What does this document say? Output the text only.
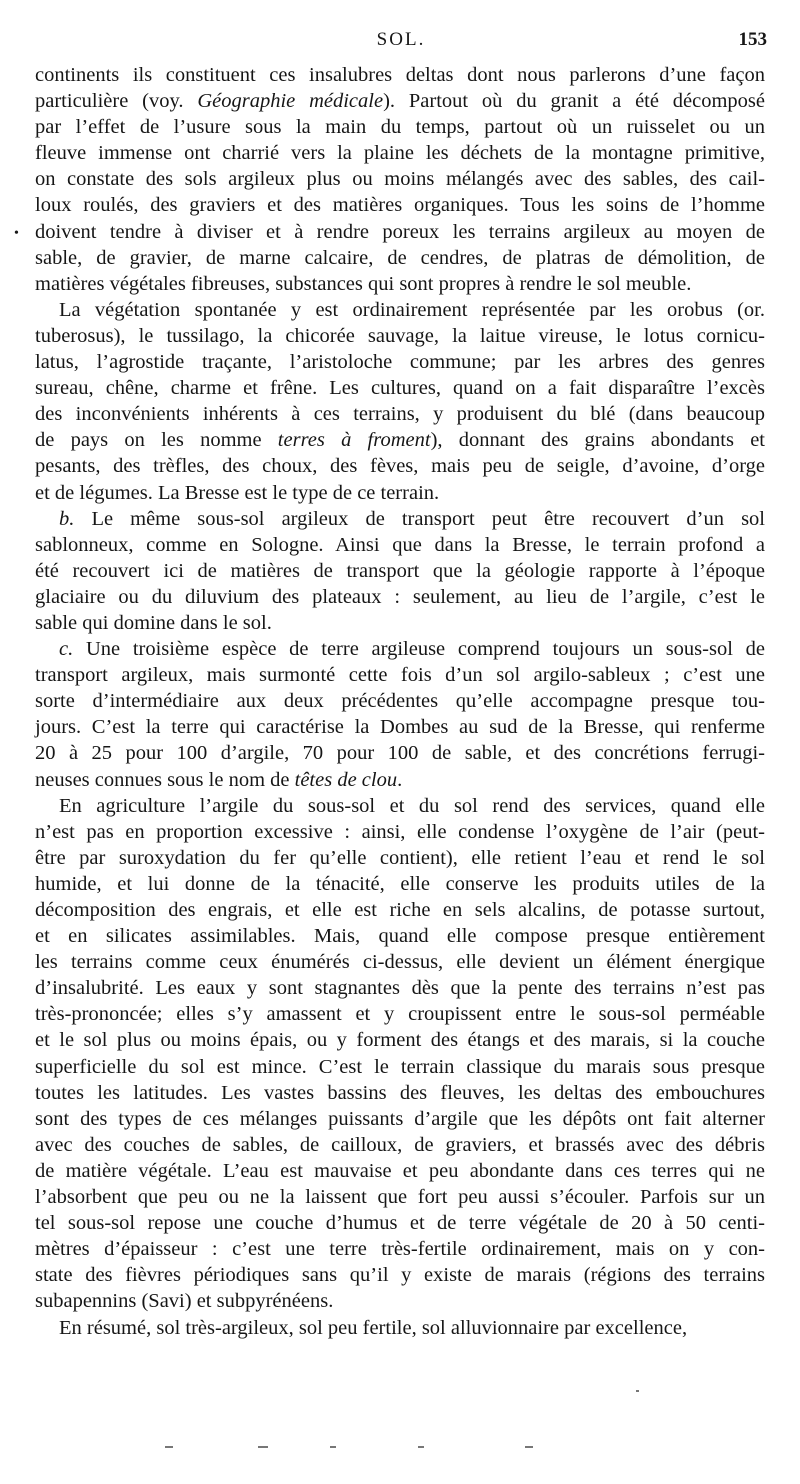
SOL.	153
•
continents ils constituent ces insalubres deltas dont nous parlerons d’une façon
particulière (voy. Géographie médicale). Partout où du granit a été décomposé
par l’effet de l’usure sous la main du temps, partout où un ruisselet ou un
fleuve immense ont charrié vers la plaine les déchets de la montagne primitive,
on constate des sols argileux plus ou moins mélangés avec des sables, des cail-
loux roulés, des graviers et des matières organiques. Tous les soins de l’homme
doivent tendre à diviser et à rendre poreux les terrains argileux au moyen de
sable, de gravier, de marne calcaire, de cendres, de platras de démolition, de
matières végétales fibreuses, substances qui sont propres à rendre le sol meuble.
La végétation spontanée y est ordinairement représentée par les orobus (or.
tuberosus), le tussilago, la chicorée sauvage, la laitue vireuse, le lotus cornicu-
latus, l’agrostide traçante, l’aristoloche commune; par les arbres des genres
sureau, chêne, charme et frêne. Les cultures, quand on a fait disparaître l’excès
des inconvénients inhérents à ces terrains, y produisent du blé (dans beaucoup
de pays on les nomme terres à froment), donnant des grains abondants et
pesants, des trèfles, des choux, des fèves, mais peu de seigle, d’avoine, d’orge
et de légumes. La Bresse est le type de ce terrain.
b. Le même sous-sol argileux de transport peut être recouvert d’un sol
sablonneux, comme en Sologne. Ainsi que dans la Bresse, le terrain profond a
été recouvert ici de matières de transport que la géologie rapporte à l’époque
glaciaire ou du diluvium des plateaux : seulement, au lieu de l’argile, c’est le
sable qui domine dans le sol.
c. Une troisième espèce de terre argileuse comprend toujours un sous-sol de
transport argileux, mais surmonté cette fois d’un sol argilo-sableux ; c’est une
sorte d’intermédiaire aux deux précédentes qu’elle accompagne presque tou-
jours. C’est la terre qui caractérise la Dombes au sud de la Bresse, qui renferme
20 à 25 pour 100 d’argile, 70 pour 100 de sable, et des concrétions ferrugi-
neuses connues sous le nom de têtes de clou.
En agriculture l’argile du sous-sol et du sol rend des services, quand elle
n’est pas en proportion excessive : ainsi, elle condense l’oxygène de l’air (peut-
être par suroxydation du fer qu’elle contient), elle retient l’eau et rend le sol
humide, et lui donne de la ténacité, elle conserve les produits utiles de la
décomposition des engrais, et elle est riche en sels alcalins, de potasse surtout,
et en silicates assimilables. Mais, quand elle compose presque entièrement
les terrains comme ceux énumérés ci-dessus, elle devient un élément énergique
d’insalubrité. Les eaux y sont stagnantes dès que la pente des terrains n’est pas
très-prononcée; elles s’y amassent et y croupissent entre le sous-sol perméable
et le sol plus ou moins épais, ou y forment des étangs et des marais, si la couche
superficielle du sol est mince. C’est le terrain classique du marais sous presque
toutes les latitudes. Les vastes bassins des fleuves, les deltas des embouchures
sont des types de ces mélanges puissants d’argile que les dépôts ont fait alterner
avec des couches de sables, de cailloux, de graviers, et brassés avec des débris
de matière végétale. L’eau est mauvaise et peu abondante dans ces terres qui ne
l’absorbent que peu ou ne la laissent que fort peu aussi s’écouler. Parfois sur un
tel sous-sol repose une couche d’humus et de terre végétale de 20 à 50 centi-
mètres d’épaisseur : c’est une terre très-fertile ordinairement, mais on y con-
state des fièvres périodiques sans qu’il y existe de marais (régions des terrains
subapennins (Savi) et subpyrénéens.
En résumé, sol très-argileux, sol peu fertile, sol alluvionnaire par excellence,
